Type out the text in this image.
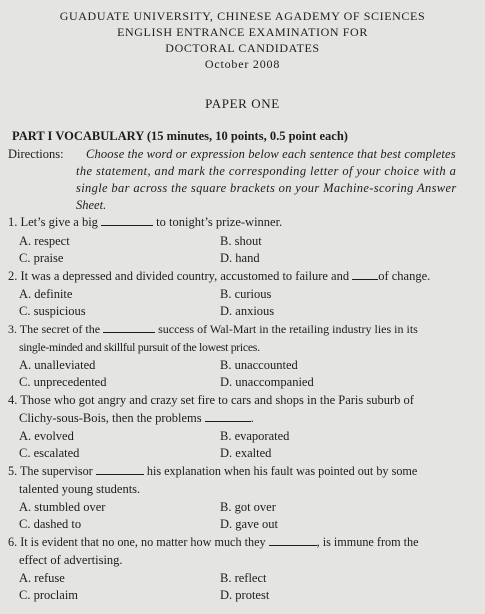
GUADUATE UNIVERSITY, CHINESE AGADEMY OF SCIENCES
ENGLISH ENTRANCE EXAMINATION FOR
DOCTORAL CANDIDATES
October 2008
PAPER ONE
PART I VOCABULARY (15 minutes, 10 points, 0.5 point each)
Directions: Choose the word or expression below each sentence that best completes
the statement, and mark the corresponding letter of your choice with a
single bar across the square brackets on your Machine-scoring Answer
Sheet.
1. Let’s give a big	to tonight’s prize-winner.
A. respect	B. shout
C. praise	D. hand
2. It was a depressed and divided country, accustomed to failure and of change.
A. definite	B. curious
C. suspicious	D. anxious
3. The secret of the	success of Wal-Mart in the retailing industry lies in its
single-minded and skillful pursuit of the lowest prices.
A. unalleviated	B. unaccounted
C. unprecedented	D. unaccompanied
4. Those who got angry and crazy set fire to cars and shops in the Paris suburb of
Clichy-sous-Bois, then the problems	.
A. evolved	B. evaporated
C. escalated	D. exalted
5. The supervisor	his explanation when his fault was pointed out by some
talented young students.
A. stumbled over	B. got over
C. dashed to	D. gave out
6. It is evident that no one, no matter how much they	, is immune from the
effect of advertising.
A. refuse	B. reflect
C. proclaim	D. protest
